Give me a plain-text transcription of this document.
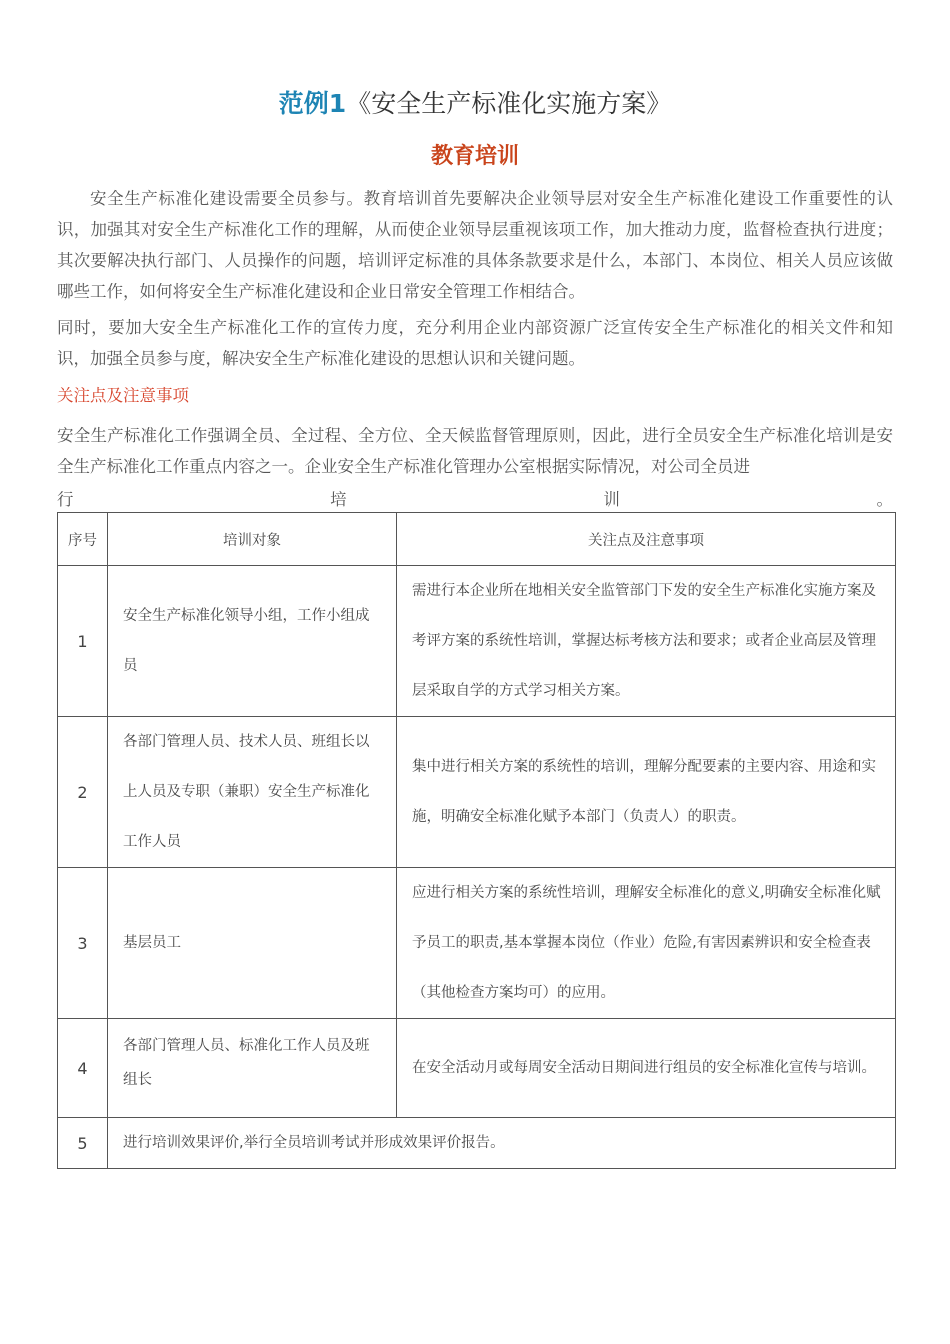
范例1《安全生产标准化实施方案》
教育培训

安全生产标准化建设需要全员参与。教育培训首先要解决企业领导层对安全生产标准化建设工作重要性的认识，加强其对安全生产标准化工作的理解，从而使企业领导层重视该项工作，加大推动力度，监督检查执行进度；其次要解决执行部门、人员操作的问题，培训评定标准的具体条款要求是什么，本部门、本岗位、相关人员应该做哪些工作，如何将安全生产标准化建设和企业日常安全管理工作相结合。

同时，要加大安全生产标准化工作的宣传力度，充分利用企业内部资源广泛宣传安全生产标准化的相关文件和知识，加强全员参与度，解决安全生产标准化建设的思想认识和关键问题。

关注点及注意事项

安全生产标准化工作强调全员、全过程、全方位、全天候监督管理原则，因此，进行全员安全生产标准化培训是安全生产标准化工作重点内容之一。企业安全生产标准化管理办公室根据实际情况，对公司全员进

行	培	训	。
序号	培训对象	关注点及注意事项
1	安全生产标准化领导小组，工作小组成员	需进行本企业所在地相关安全监管部门下发的安全生产标准化实施方案及考评方案的系统性培训，掌握达标考核方法和要求；或者企业高层及管理层采取自学的方式学习相关方案。

2	各部门管理人员、技术人员、班组长以上人员及专职（兼职）安全生产标准化工作人员	集中进行相关方案的系统性的培训，理解分配要素的主要内容、用途和实施，明确安全标准化赋予本部门（负责人）的职责。

3	基层员工	应进行相关方案的系统性培训，理解安全标准化的意义,明确安全标准化赋予员工的职责,基本掌握本岗位（作业）危险,有害因素辨识和安全检查表（其他检查方案均可）的应用。

4	各部门管理人员、标准化工作人员及班
组长	在安全活动月或每周安全活动日期间进行组员的安全标准化宣传与培训。

5	进行培训效果评价,举行全员培训考试并形成效果评价报告。	
